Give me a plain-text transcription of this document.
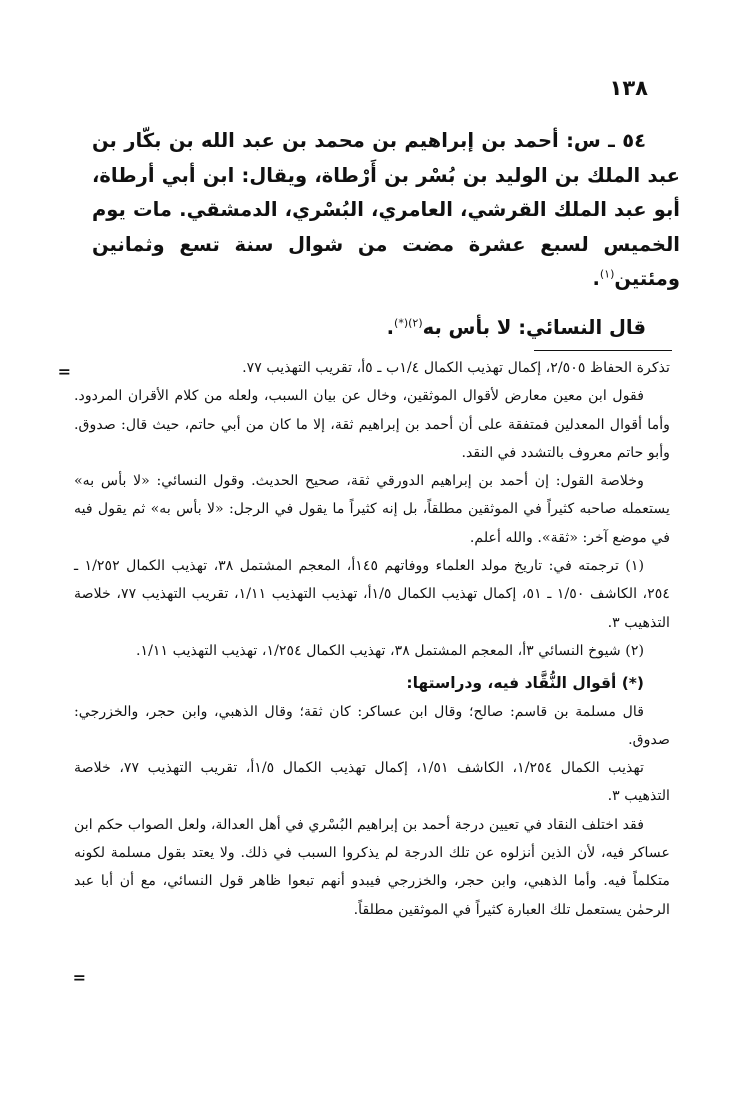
١٣٨

٥٤ ـ س: أحمد بن إبراهيم بن محمد بن عبد الله بن بكّار بن عبد الملك بن الوليد بن بُسْر بن أَرْطاة، ويقال: ابن أبي أرطاة، أبو عبد الملك القرشي، العامري، البُسْري، الدمشقي. مات يوم الخميس لسبع عشرة مضت من شوال سنة تسع وثمانين ومئتين$^{(١)}$.

قال النسائي: لا بأس به$^{(٢)(*)}$.

=	تذكرة الحفاظ ٢/٥٠٥، إكمال تهذيب الكمال ١/٤ب ـ ٥أ، تقريب التهذيب ٧٧.

فقول ابن معين معارض لأقوال الموثقين، وخال عن بيان السبب، ولعله من كلام الأقران المردود. وأما أقوال المعدلين فمتفقة على أن أحمد بن إبراهيم ثقة، إلا ما كان من أبي حاتم، حيث قال: صدوق. وأبو حاتم معروف بالتشدد في النقد.

وخلاصة القول: إن أحمد بن إبراهيم الدورقي ثقة، صحيح الحديث. وقول النسائي: «لا بأس به» يستعمله صاحبه كثيراً في الموثقين مطلقاً، بل إنه كثيراً ما يقول في الرجل: «لا بأس به» ثم يقول فيه في موضع آخر: «ثقة». والله أعلم.

(١) ترجمته في: تاريخ مولد العلماء ووفاتهم ١٤٥أ، المعجم المشتمل ٣٨، تهذيب الكمال ١/٢٥٢ ـ ٢٥٤، الكاشف ١/٥٠ ـ ٥١، إكمال تهذيب الكمال ١/٥أ، تهذيب التهذيب ١/١١، تقريب التهذيب ٧٧، خلاصة التذهيب ٣.

(٢) شيوخ النسائي ٣أ، المعجم المشتمل ٣٨، تهذيب الكمال ١/٢٥٤، تهذيب التهذيب ١/١١.

(*) أقوال النُّقَّاد فيه، ودراستها:

قال مسلمة بن قاسم: صالح؛ وقال ابن عساكر: كان ثقة؛ وقال الذهبي، وابن حجر، والخزرجي: صدوق.

تهذيب الكمال ١/٢٥٤، الكاشف ١/٥١، إكمال تهذيب الكمال ١/٥أ، تقريب التهذيب ٧٧، خلاصة التذهيب ٣.

فقد اختلف النقاد في تعيين درجة أحمد بن إبراهيم البُسْري في أهل العدالة، ولعل الصواب حكم ابن عساكر فيه، لأن الذين أنزلوه عن تلك الدرجة لم يذكروا السبب في ذلك. ولا يعتد بقول مسلمة لكونه متكلماً فيه. وأما الذهبي، وابن حجر، والخزرجي فيبدو أنهم تبعوا ظاهر قول النسائي، مع أن أبا عبد الرحمٰن يستعمل تلك العبارة كثيراً في الموثقين مطلقاً.

=
